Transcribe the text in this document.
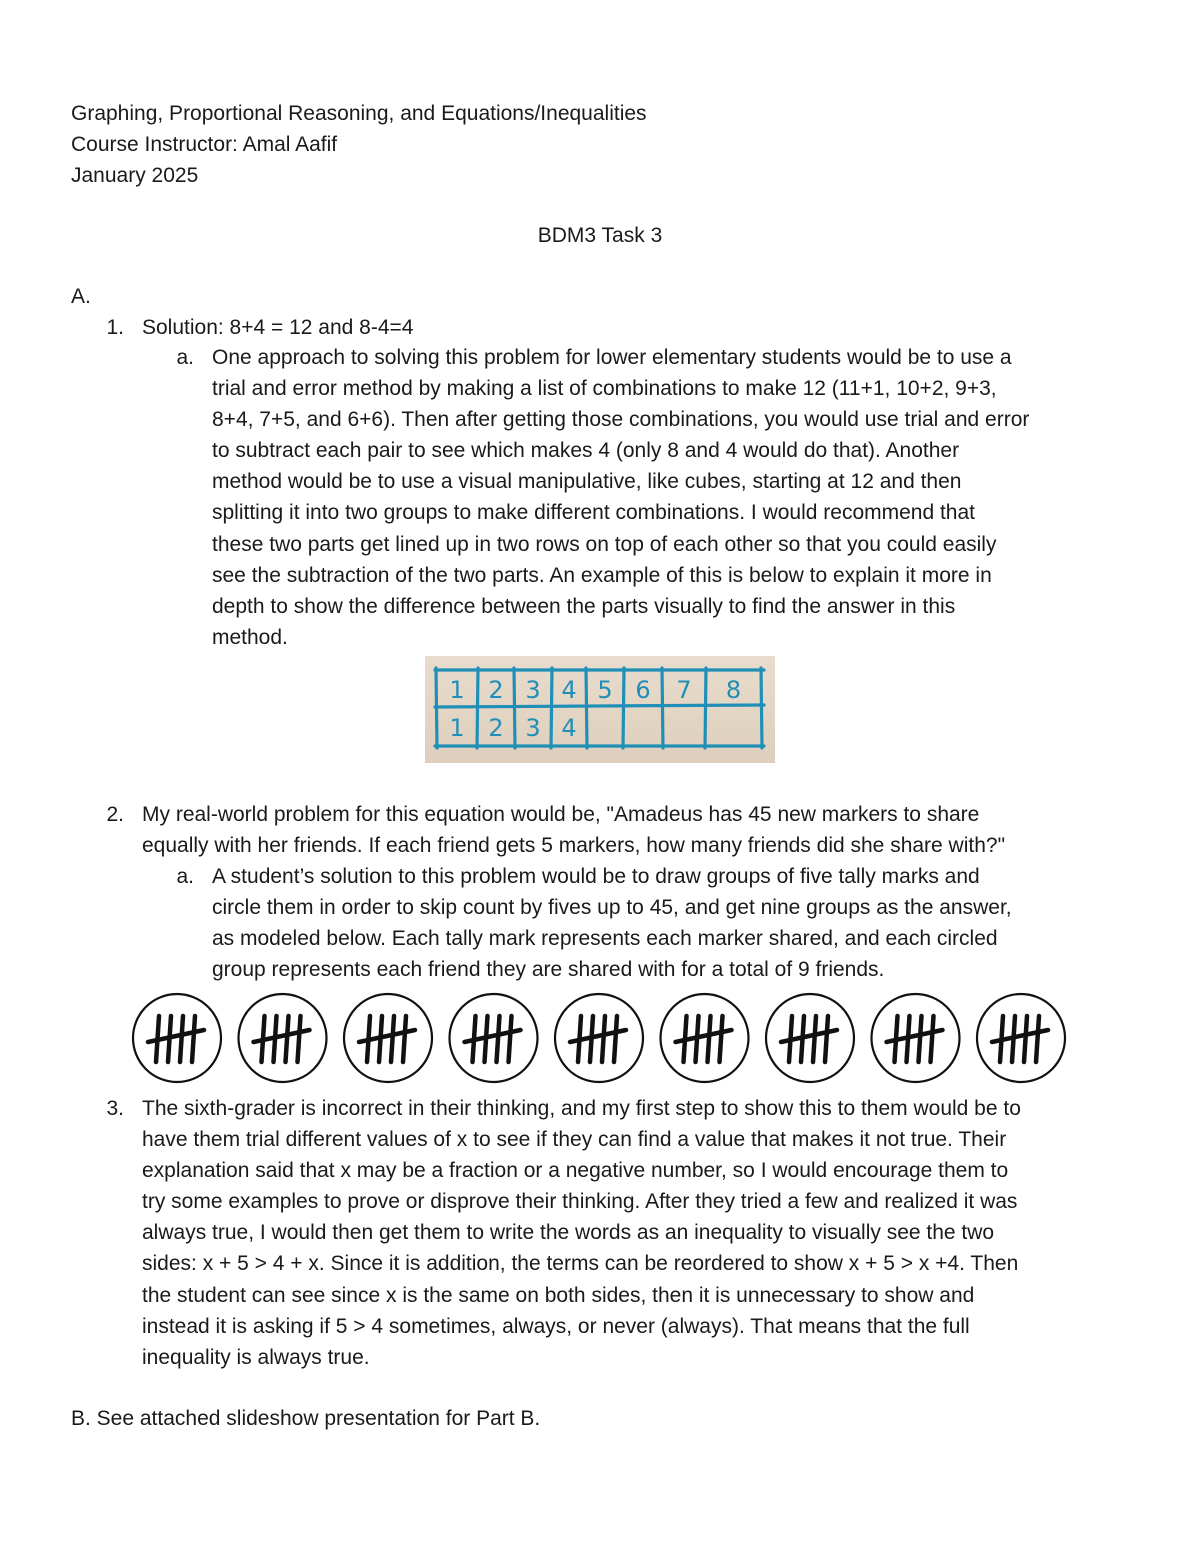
Graphing, Proportional Reasoning, and Equations/Inequalities
Course Instructor: Amal Aafif
January 2025
BDM3 Task 3
A.
1. Solution: 8+4 = 12 and 8-4=4
a. One approach to solving this problem for lower elementary students would be to use a
trial and error method by making a list of combinations to make 12 (11+1, 10+2, 9+3,
8+4, 7+5, and 6+6). Then after getting those combinations, you would use trial and error
to subtract each pair to see which makes 4 (only 8 and 4 would do that). Another
method would be to use a visual manipulative, like cubes, starting at 12 and then
splitting it into two groups to make different combinations. I would recommend that
these two parts get lined up in two rows on top of each other so that you could easily
see the subtraction of the two parts. An example of this is below to explain it more in
depth to show the difference between the parts visually to find the answer in this
method.
1 2 3 4 5 6 7 8
1 2 3 4
2. My real-world problem for this equation would be, "Amadeus has 45 new markers to share
equally with her friends. If each friend gets 5 markers, how many friends did she share with?"
a. A student’s solution to this problem would be to draw groups of five tally marks and
circle them in order to skip count by fives up to 45, and get nine groups as the answer,
as modeled below. Each tally mark represents each marker shared, and each circled
group represents each friend they are shared with for a total of 9 friends.
3. The sixth-grader is incorrect in their thinking, and my first step to show this to them would be to
have them trial different values of x to see if they can find a value that makes it not true. Their
explanation said that x may be a fraction or a negative number, so I would encourage them to
try some examples to prove or disprove their thinking. After they tried a few and realized it was
always true, I would then get them to write the words as an inequality to visually see the two
sides: x + 5 > 4 + x. Since it is addition, the terms can be reordered to show x + 5 > x +4. Then
the student can see since x is the same on both sides, then it is unnecessary to show and
instead it is asking if 5 > 4 sometimes, always, or never (always). That means that the full
inequality is always true.
B. See attached slideshow presentation for Part B.
